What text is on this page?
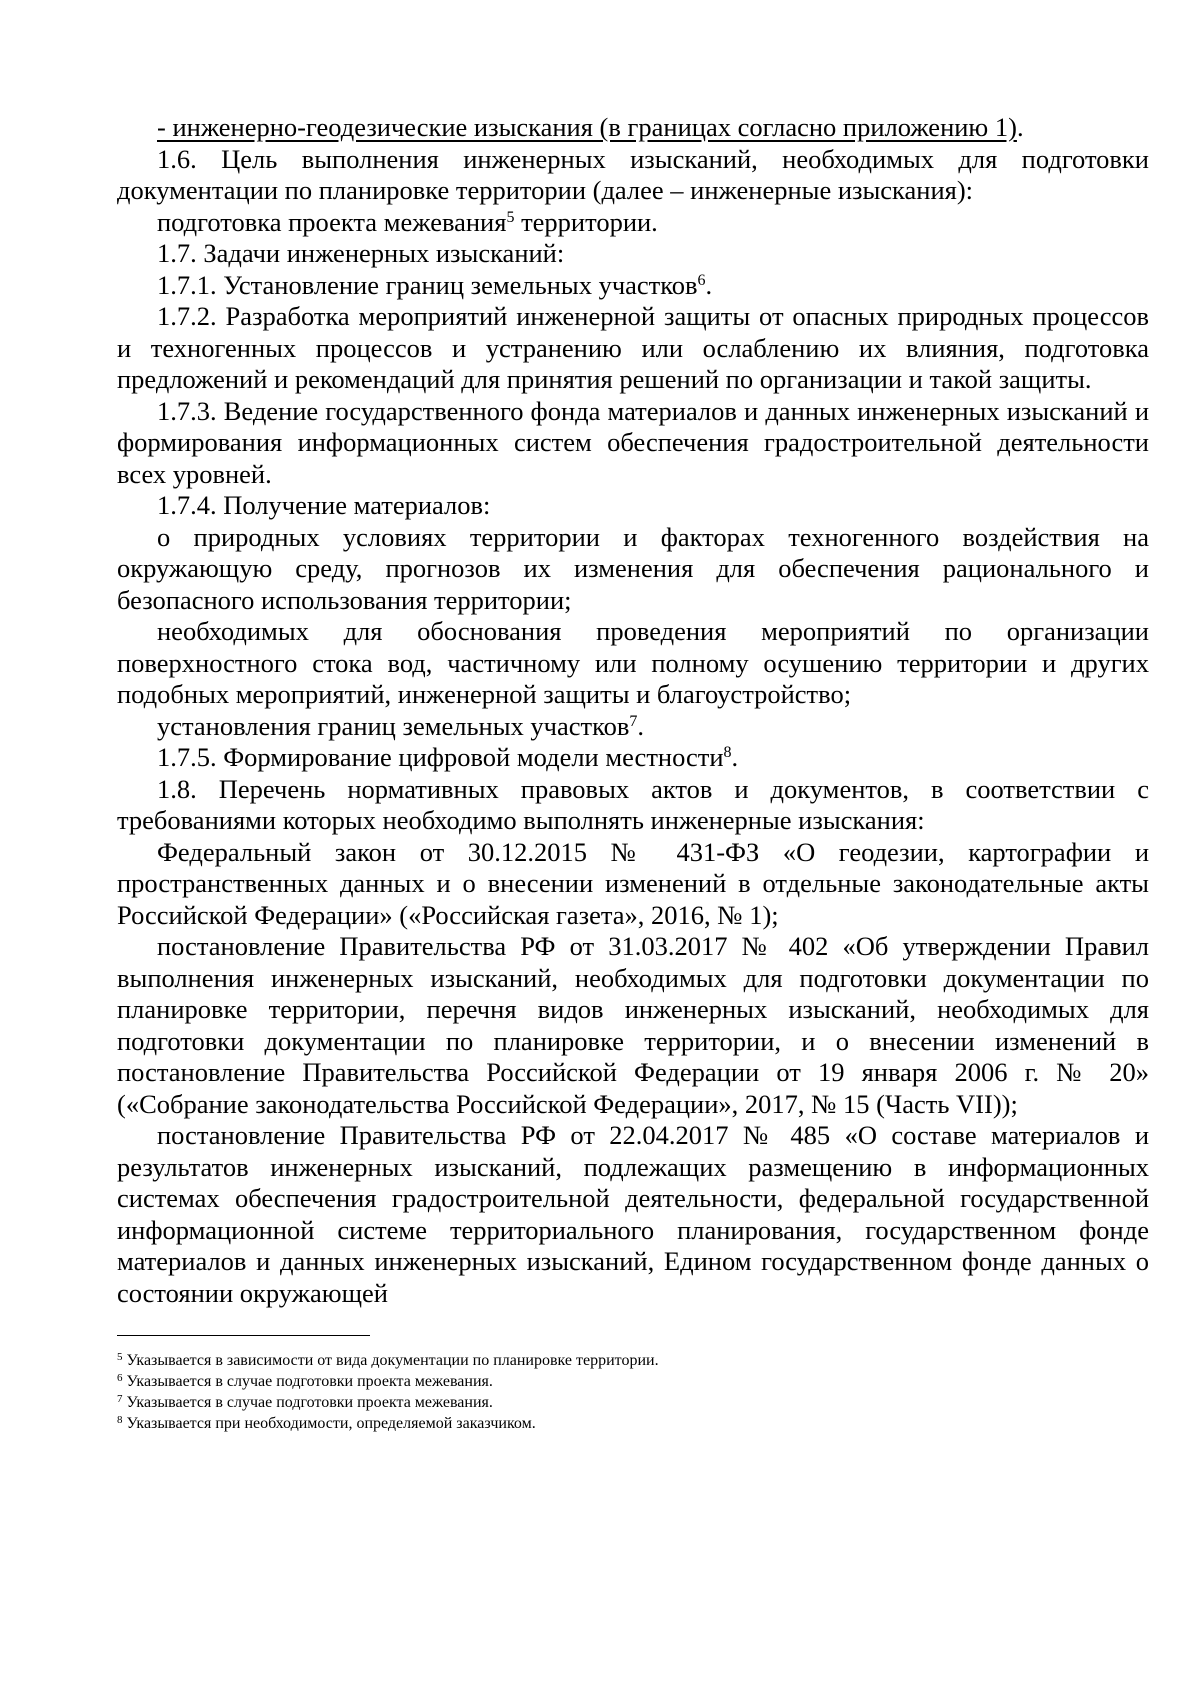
- инженерно-геодезические изыскания (в границах согласно приложению 1).

1.6. Цель выполнения инженерных изысканий, необходимых для подготовки документации по планировке территории (далее – инженерные изыскания):

подготовка проекта межевания$^5$ территории.

1.7. Задачи инженерных изысканий:

1.7.1. Установление границ земельных участков$^6$.

1.7.2. Разработка мероприятий инженерной защиты от опасных природных процессов и техногенных процессов и устранению или ослаблению их влияния, подготовка предложений и рекомендаций для принятия решений по организации и такой защиты.

1.7.3. Ведение государственного фонда материалов и данных инженерных изысканий и формирования информационных систем обеспечения градостроительной деятельности всех уровней.

1.7.4. Получение материалов:

о природных условиях территории и факторах техногенного воздействия на окружающую среду, прогнозов их изменения для обеспечения рационального и безопасного использования территории;

необходимых для обоснования проведения мероприятий по организации поверхностного стока вод, частичному или полному осушению территории и других подобных мероприятий, инженерной защиты и благоустройство;

установления границ земельных участков$^7$.

1.7.5. Формирование цифровой модели местности$^8$.

1.8. Перечень нормативных правовых актов и документов, в соответствии с требованиями которых необходимо выполнять инженерные изыскания:

Федеральный закон от 30.12.2015 № 431-ФЗ «О геодезии, картографии и пространственных данных и о внесении изменений в отдельные законодательные акты Российской Федерации» («Российская газета», 2016, № 1);

постановление Правительства РФ от 31.03.2017 № 402 «Об утверждении Правил выполнения инженерных изысканий, необходимых для подготовки документации по планировке территории, перечня видов инженерных изысканий, необходимых для подготовки документации по планировке территории, и о внесении изменений в постановление Правительства Российской Федерации от 19 января 2006 г. № 20» («Собрание законодательства Российской Федерации», 2017, № 15 (Часть VII));

постановление Правительства РФ от 22.04.2017 № 485 «О составе материалов и результатов инженерных изысканий, подлежащих размещению в информационных системах обеспечения градостроительной деятельности, федеральной государственной информационной системе территориального планирования, государственном фонде материалов и данных инженерных изысканий, Едином государственном фонде данных о состоянии окружающей

$^5$ Указывается в зависимости от вида документации по планировке территории.

$^6$ Указывается в случае подготовки проекта межевания.

$^7$ Указывается в случае подготовки проекта межевания.

$^8$ Указывается при необходимости, определяемой заказчиком.
